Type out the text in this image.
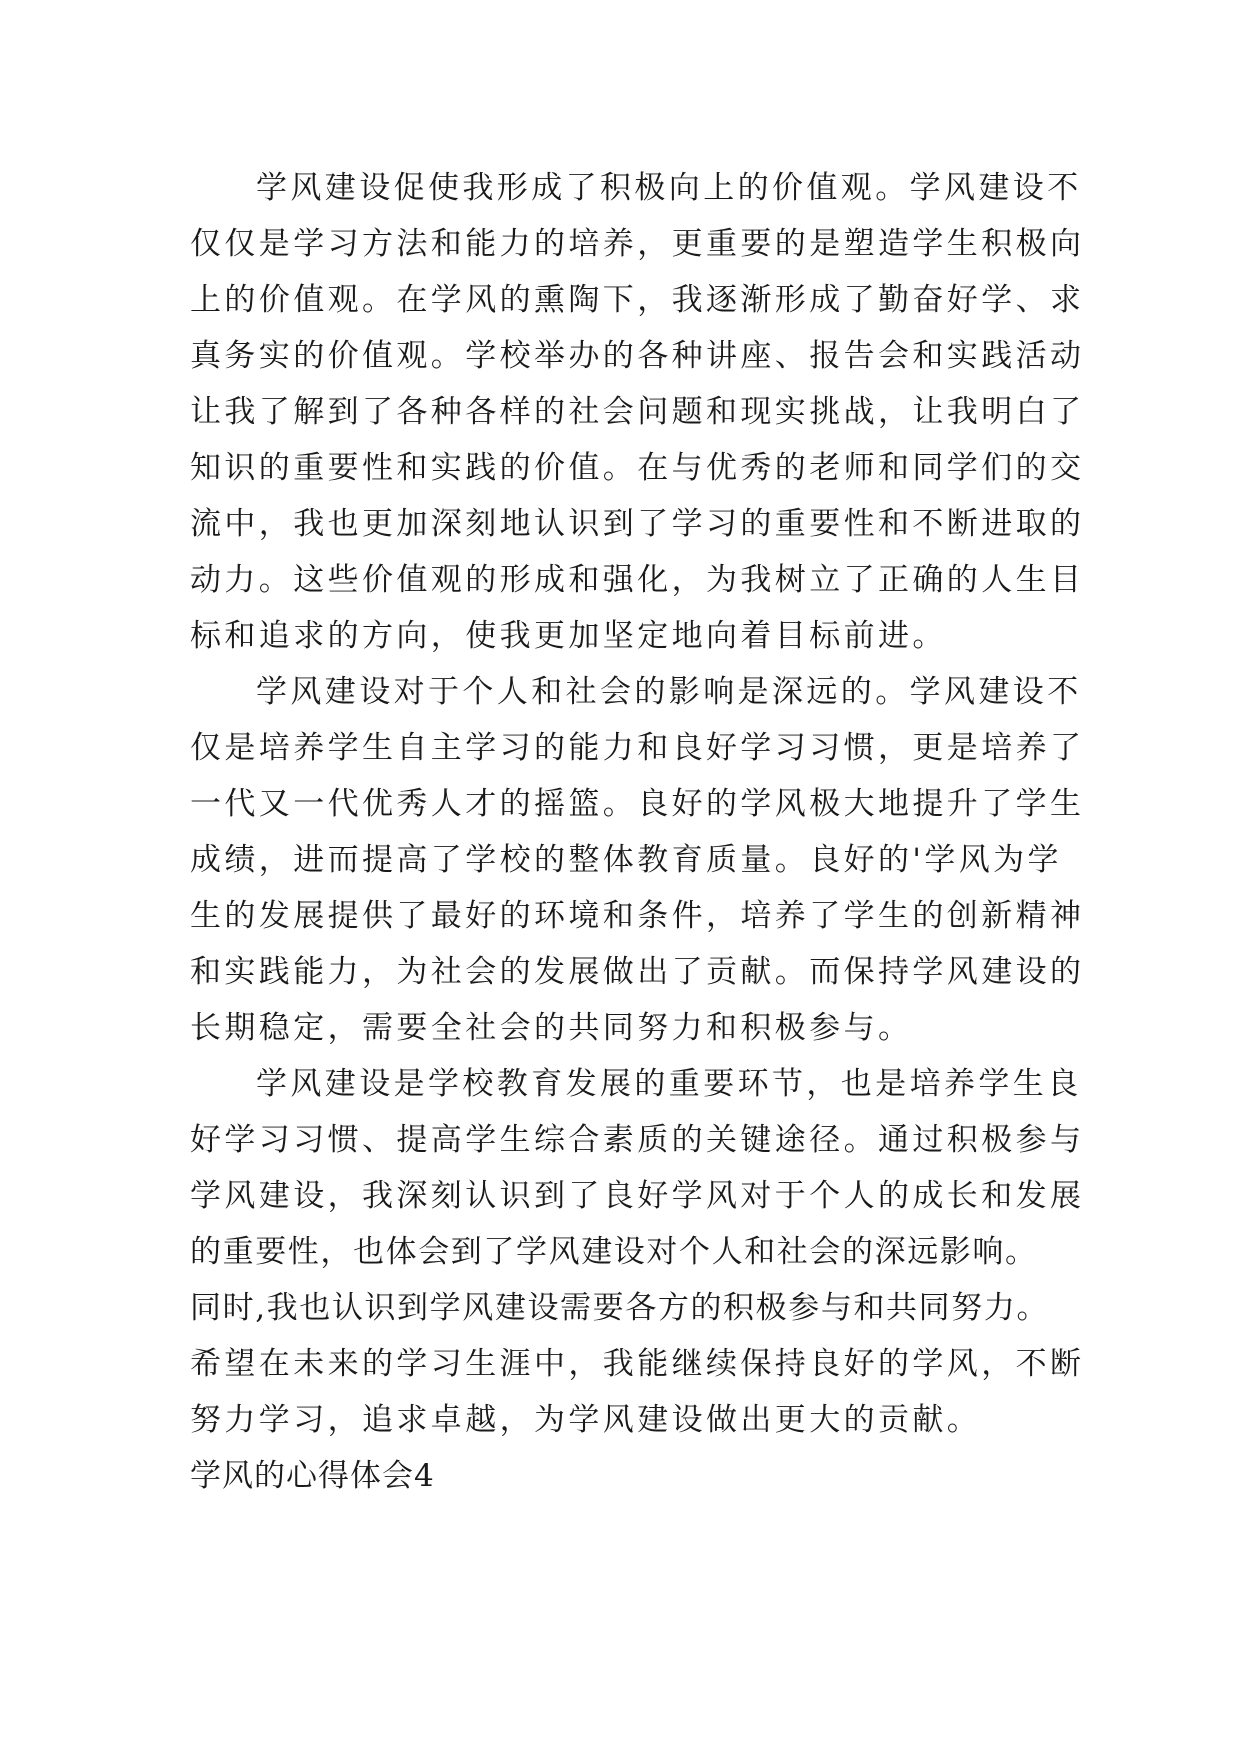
学风建设促使我形成了积极向上的价值观。学风建设不
仅仅是学习方法和能力的培养，更重要的是塑造学生积极向
上的价值观。在学风的熏陶下，我逐渐形成了勤奋好学、求
真务实的价值观。学校举办的各种讲座、报告会和实践活动
让我了解到了各种各样的社会问题和现实挑战，让我明白了
知识的重要性和实践的价值。在与优秀的老师和同学们的交
流中，我也更加深刻地认识到了学习的重要性和不断进取的
动力。这些价值观的形成和强化，为我树立了正确的人生目
标和追求的方向，使我更加坚定地向着目标前进。
学风建设对于个人和社会的影响是深远的。学风建设不
仅是培养学生自主学习的能力和良好学习习惯，更是培养了
一代又一代优秀人才的摇篮。良好的学风极大地提升了学生
成绩，进而提高了学校的整体教育质量。良好的'学风为学
生的发展提供了最好的环境和条件，培养了学生的创新精神
和实践能力，为社会的发展做出了贡献。而保持学风建设的
长期稳定，需要全社会的共同努力和积极参与。
学风建设是学校教育发展的重要环节，也是培养学生良
好学习习惯、提高学生综合素质的关键途径。通过积极参与
学风建设，我深刻认识到了良好学风对于个人的成长和发展
的重要性，也体会到了学风建设对个人和社会的深远影响。
同时,我也认识到学风建设需要各方的积极参与和共同努力。
希望在未来的学习生涯中，我能继续保持良好的学风，不断
努力学习，追求卓越，为学风建设做出更大的贡献。
学风的心得体会4
